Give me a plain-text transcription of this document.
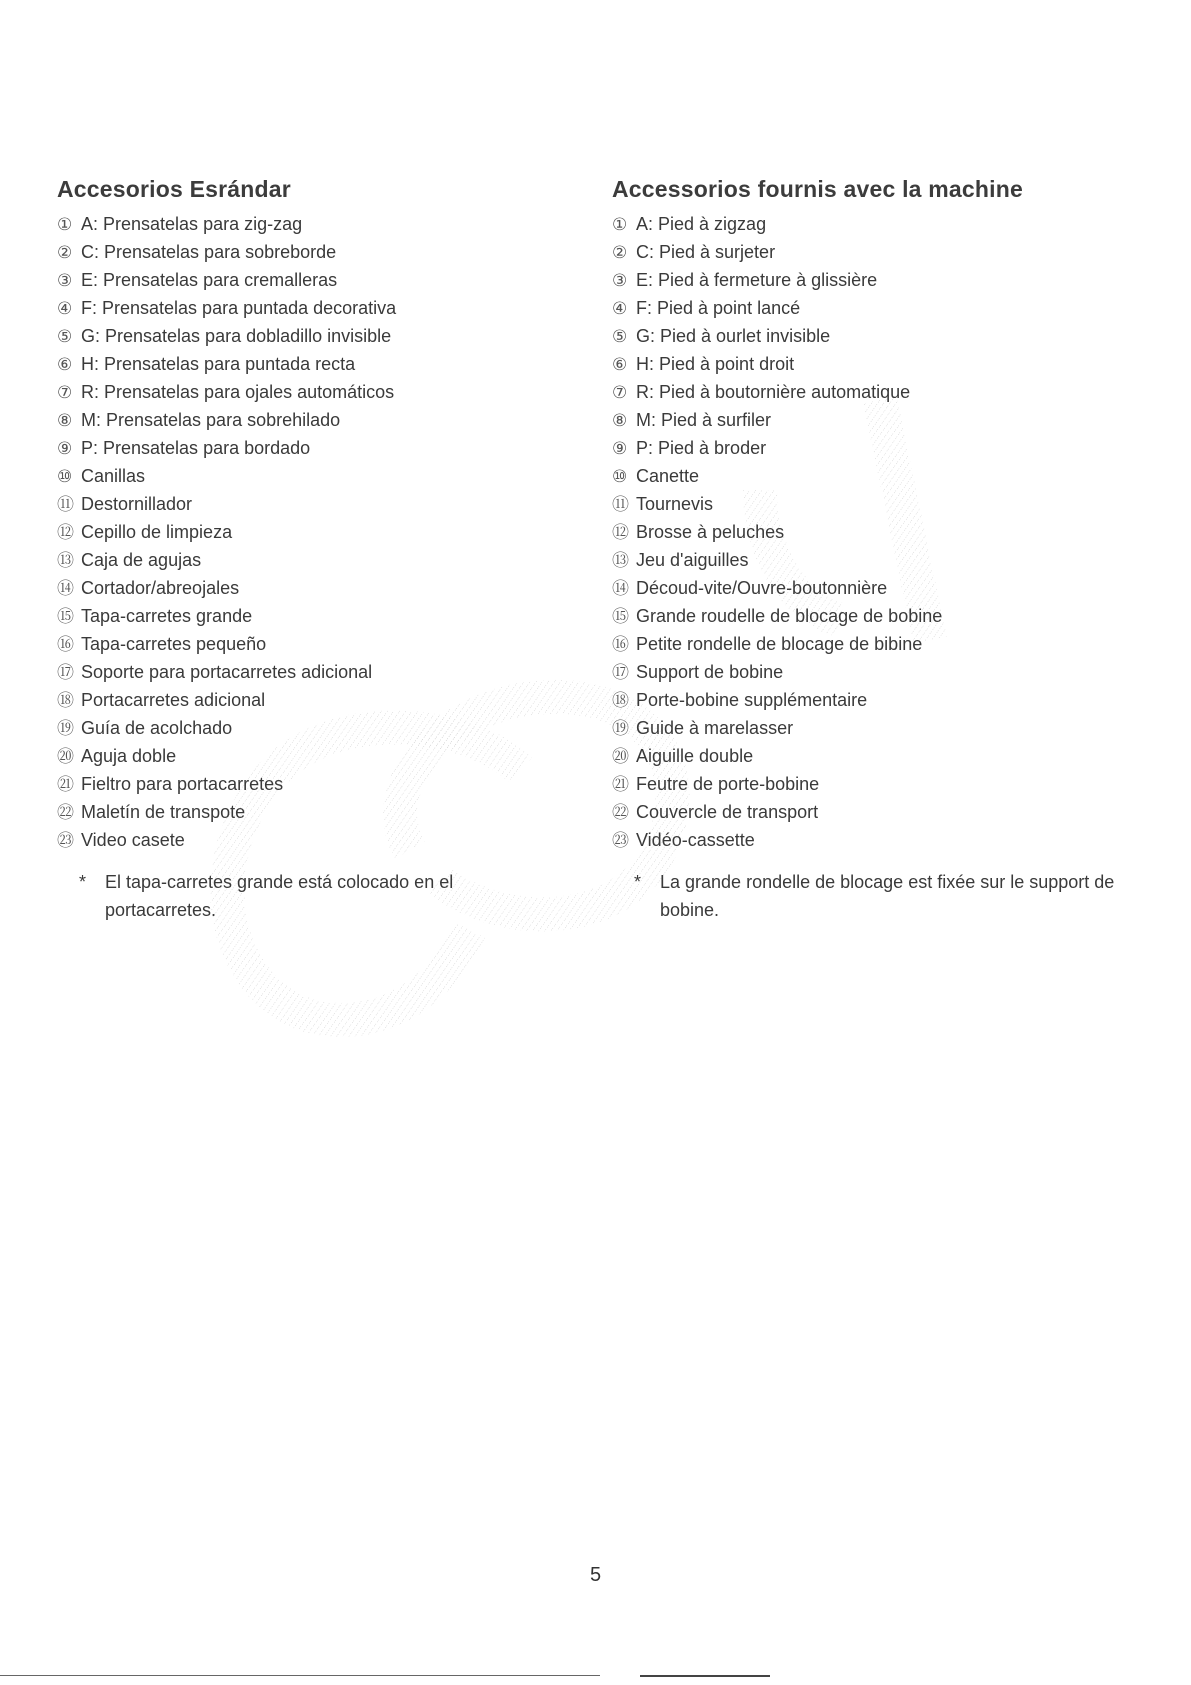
Accesorios Esrándar
① A: Prensatelas para zig-zag
② C: Prensatelas para sobreborde
③ E: Prensatelas para cremalleras
④ F: Prensatelas para puntada decorativa
⑤ G: Prensatelas para dobladillo invisible
⑥ H: Prensatelas para puntada recta
⑦ R: Prensatelas para ojales automáticos
⑧ M: Prensatelas para sobrehilado
⑨ P: Prensatelas para bordado
⑩ Canillas
⑪ Destornillador
⑫ Cepillo de limpieza
⑬ Caja de agujas
⑭ Cortador/abreojales
⑮ Tapa-carretes grande
⑯ Tapa-carretes pequeño
⑰ Soporte para portacarretes adicional
⑱ Portacarretes adicional
⑲ Guía de acolchado
⑳ Aguja doble
㉑ Fieltro para portacarretes
㉒ Maletín de transpote
㉓ Video casete
* El tapa-carretes grande está colocado en el portacarretes.
Accessorios fournis avec la machine
① A: Pied à zigzag
② C: Pied à surjeter
③ E: Pied à fermeture à glissière
④ F: Pied à point lancé
⑤ G: Pied à ourlet invisible
⑥ H: Pied à point droit
⑦ R: Pied à boutornière automatique
⑧ M: Pied à surfiler
⑨ P: Pied à broder
⑩ Canette
⑪ Tournevis
⑫ Brosse à peluches
⑬ Jeu d'aiguilles
⑭ Découd-vite/Ouvre-boutonnière
⑮ Grande roudelle de blocage de bobine
⑯ Petite rondelle de blocage de bibine
⑰ Support de bobine
⑱ Porte-bobine supplémentaire
⑲ Guide à marelasser
⑳ Aiguille double
㉑ Feutre de porte-bobine
㉒ Couvercle de transport
㉓ Vidéo-cassette
* La grande rondelle de blocage est fixée sur le support de bobine.
5
